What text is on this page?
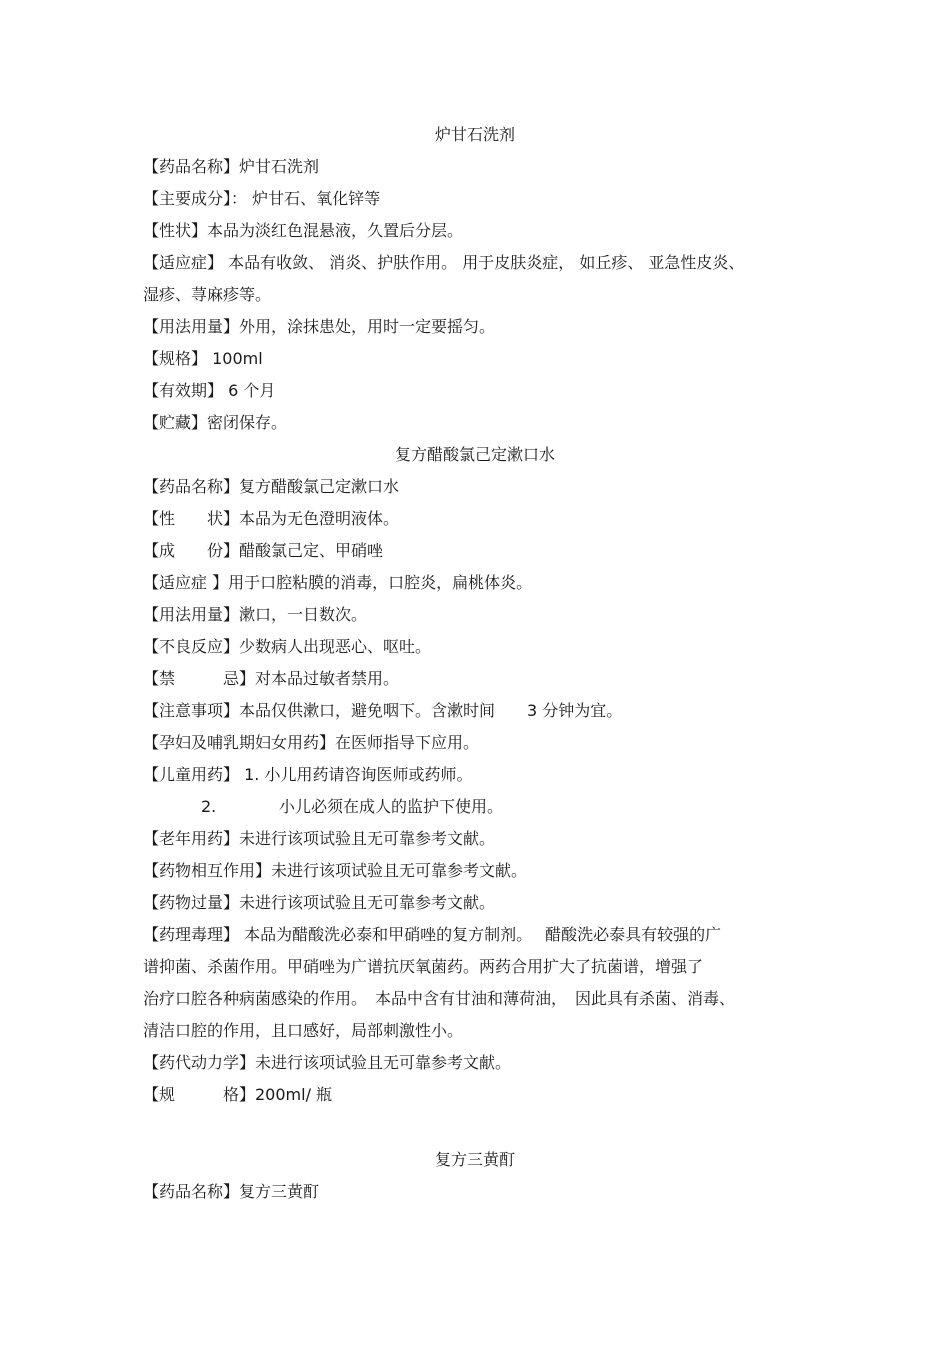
炉甘石洗剂
【药品名称】炉甘石洗剂
【主要成分】： 炉甘石、氧化锌等
【性状】本品为淡红色混悬液，久置后分层。
【适应症】 本品有收敛、 消炎、护肤作用。 用于皮肤炎症， 如丘疹、 亚急性皮炎、
湿疹、荨麻疹等。
【用法用量】外用，涂抹患处，用时一定要摇匀。
【规格】 100ml
【有效期】 6 个月
【贮藏】密闭保存。
复方醋酸氯己定漱口水
【药品名称】复方醋酸氯己定漱口水
【性　　状】本品为无色澄明液体。
【成　　份】醋酸氯己定、甲硝唑
【适应症 】用于口腔粘膜的消毒，口腔炎，扁桃体炎。
【用法用量】漱口，一日数次。
【不良反应】少数病人出现恶心、呕吐。
【禁　　　忌】对本品过敏者禁用。
【注意事项】本品仅供漱口，避免咽下。含漱时间　　3 分钟为宜。
【孕妇及哺乳期妇女用药】在医师指导下应用。
【儿童用药】 1. 小儿用药请咨询医师或药师。
2.	小儿必须在成人的监护下使用。
【老年用药】未进行该项试验且无可靠参考文献。
【药物相互作用】未进行该项试验且无可靠参考文献。
【药物过量】未进行该项试验且无可靠参考文献。
【药理毒理】 本品为醋酸洗必泰和甲硝唑的复方制剂。　 醋酸洗必泰具有较强的广
谱抑菌、杀菌作用。甲硝唑为广谱抗厌氧菌药。两药合用扩大了抗菌谱，增强了
治疗口腔各种病菌感染的作用。　本品中含有甘油和薄荷油，　因此具有杀菌、消毒、
清洁口腔的作用，且口感好，局部刺激性小。
【药代动力学】未进行该项试验且无可靠参考文献。
【规　　　格】200ml/ 瓶
复方三黄酊
【药品名称】复方三黄酊
